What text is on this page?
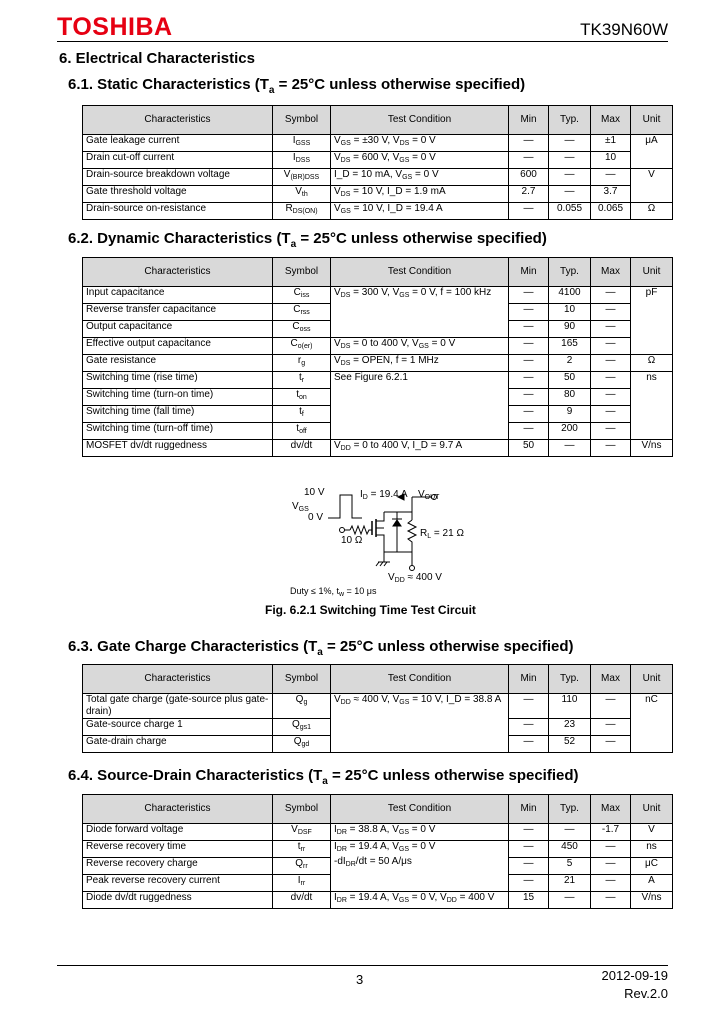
TOSHIBA	TK39N60W
6. Electrical Characteristics
6.1. Static Characteristics ($T_a = 25^\circ C$ unless otherwise specified)
Characteristics	Symbol	Test Condition	Min	Typ.	Max	Unit
Gate leakage current	$I_{GSS}$	$V_{GS} = \pm 30$ V, $V_{DS} = 0$ V	—	—	±1	μA
Drain cut-off current	$I_{DSS}$	$V_{DS} = 600$ V, $V_{GS} = 0$ V	—	—	10	
Drain-source breakdown voltage	$V_{(BR)DSS}$	I_D = 10 mA, $V_{GS} = 0$ V	600	—	—	V
Gate threshold voltage	$V_{th}$	$V_{DS} = 10$ V, I_D = 1.9 mA	2.7	—	3.7	
Drain-source on-resistance	$R_{DS(ON)}$	$V_{GS} = 10$ V, I_D = 19.4 A	—	0.055	0.065	Ω
6.2. Dynamic Characteristics ($T_a = 25^\circ C$ unless otherwise specified)
Characteristics	Symbol	Test Condition	Min	Typ.	Max	Unit
Input capacitance	$C_{iss}$	$V_{DS} = 300$ V, $V_{GS} = 0$ V, f = 100 kHz	—	4100	—	pF
Reverse transfer capacitance	$C_{rss}$		—	10	—	
Output capacitance	$C_{oss}$		—	90	—	
Effective output capacitance	$C_{o(er)}$	$V_{DS} = 0$ to 400 V, $V_{GS} = 0$ V	—	165	—	
Gate resistance	$r_g$	$V_{DS}$ = OPEN, f = 1 MHz	—	2	—	Ω
Switching time (rise time)	$t_r$	See Figure 6.2.1	—	50	—	ns
Switching time (turn-on time)	$t_{on}$		—	80	—	
Switching time (fall time)	$t_f$		—	9	—	
Switching time (turn-off time)	$t_{off}$		—	200	—	
MOSFET dv/dt ruggedness	dv/dt	$V_{DD} = 0$ to 400 V, I_D = 9.7 A	50	—	—	V/ns
10 V
$V_{GS}$
0 V
$I_D = 19.4$ A $V_{OUT}$
$R_L = 21$ Ω
10 Ω
$V_{DD} \approx 400$ V
Duty ≤ 1%, $t_w = 10$ μs
Fig. 6.2.1 Switching Time Test Circuit
6.3. Gate Charge Characteristics ($T_a = 25^\circ C$ unless otherwise specified)
Characteristics	Symbol	Test Condition	Min	Typ.	Max	Unit
Total gate charge (gate-source plus gate-drain)	$Q_g$	$V_{DD} \approx 400$ V, $V_{GS} = 10$ V, I_D = 38.8 A	—	110	—	nC
Gate-source charge 1	$Q_{gs1}$		—	23	—	
Gate-drain charge	$Q_{gd}$		—	52	—	
6.4. Source-Drain Characteristics ($T_a = 25^\circ C$ unless otherwise specified)
Characteristics	Symbol	Test Condition	Min	Typ.	Max	Unit
Diode forward voltage	$V_{DSF}$	$I_{DR} = 38.8$ A, $V_{GS} = 0$ V	—	—	-1.7	V
Reverse recovery time	$t_{rr}$	$I_{DR} = 19.4$ A, $V_{GS} = 0$ V
$-dI_{DR}/dt = 50$ A/μs	—	450	—	ns
Reverse recovery charge	$Q_{rr}$		—	5	—	μC
Peak reverse recovery current	$I_{rr}$		—	21	—	A
Diode dv/dt ruggedness	dv/dt	$I_{DR} = 19.4$ A, $V_{GS} = 0$ V, $V_{DD} = 400$ V	15	—	—	V/ns
3	2012-09-19
Rev.2.0
